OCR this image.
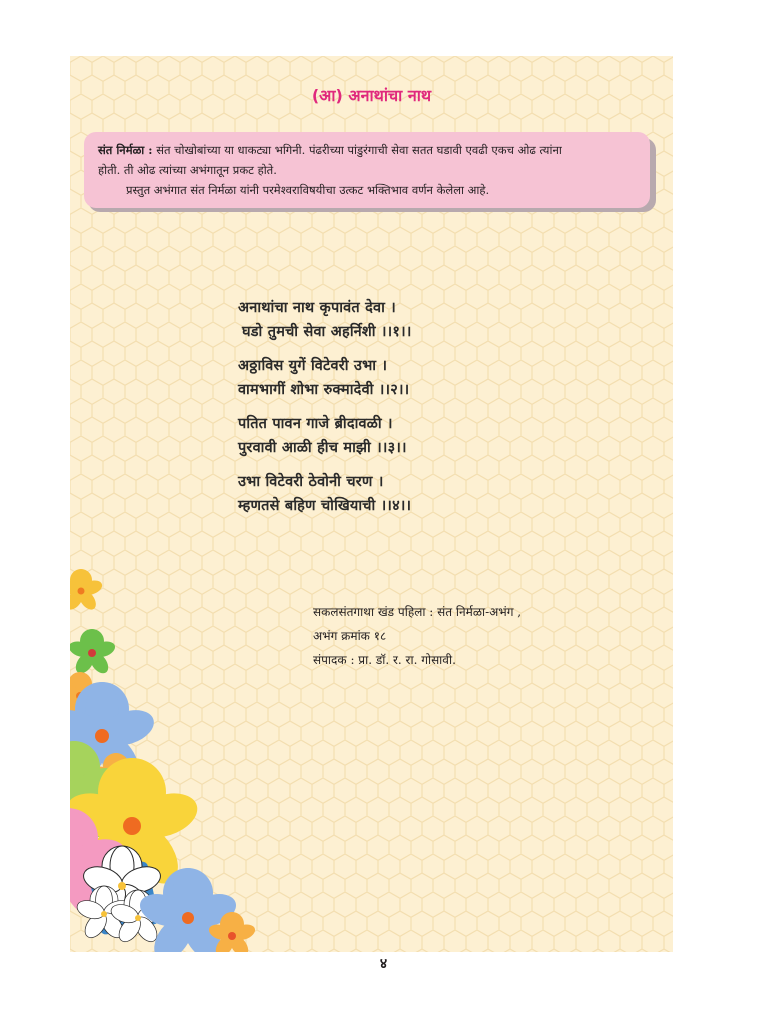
(आ) अनाथांचा नाथ
संत निर्मळा : संत चोखोबांच्या या धाकट्या भगिनी. पंढरीच्या पांडुरंगाची सेवा सतत घडावी एवढी एकच ओढ त्यांना
होती. ती ओढ त्यांच्या अभंगातून प्रकट होते.
प्रस्तुत अभंगात संत निर्मळा यांनी परमेश्वराविषयीचा उत्कट भक्तिभाव वर्णन केलेला आहे.
अनाथांचा नाथ कृपावंत देवा ।
घडो तुमची सेवा अहर्निशी ।।१।।
अठ्ठाविस युगें विटेवरी उभा ।
वामभागीं शोभा रुक्मादेवी ।।२।।
पतित पावन गाजे ब्रीदावळी ।
पुरवावी आळी हीच माझी ।।३।।
उभा विटेवरी ठेवोनी चरण ।
म्हणतसे बहिण चोखियाची ।।४।।
सकलसंतगाथा खंड पहिला : संत निर्मळा-अभंग ,
अभंग क्रमांक १८
संपादक : प्रा. डॉ. र. रा. गोसावी.
४
